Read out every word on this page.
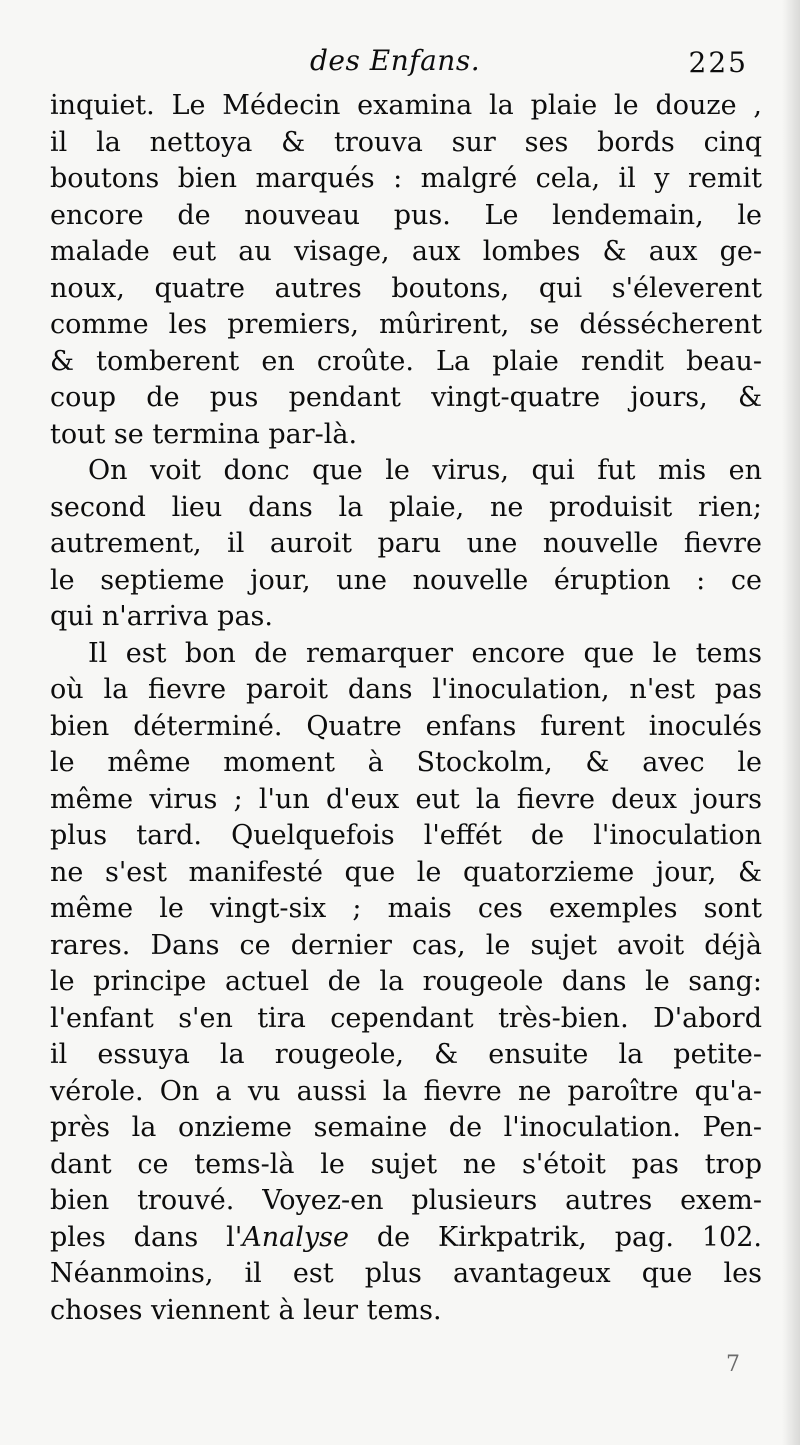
des Enfans.	225
inquiet. Le Médecin examina la plaie le douze ,
il la nettoya & trouva sur ses bords cinq
boutons bien marqués : malgré cela, il y remit
encore de nouveau pus. Le lendemain, le
malade eut au visage, aux lombes & aux ge-
noux, quatre autres boutons, qui s'éleverent
comme les premiers, mûrirent, se déssécherent
& tomberent en croûte. La plaie rendit beau-
coup de pus pendant vingt-quatre jours, &
tout se termina par-là.
On voit donc que le virus, qui fut mis en
second lieu dans la plaie, ne produisit rien;
autrement, il auroit paru une nouvelle fievre
le septieme jour, une nouvelle éruption : ce
qui n'arriva pas.
Il est bon de remarquer encore que le tems
où la fievre paroit dans l'inoculation, n'est pas
bien déterminé. Quatre enfans furent inoculés
le même moment à Stockolm, & avec le
même virus ; l'un d'eux eut la fievre deux jours
plus tard. Quelquefois l'effét de l'inoculation
ne s'est manifesté que le quatorzieme jour, &
même le vingt-six ; mais ces exemples sont
rares. Dans ce dernier cas, le sujet avoit déjà
le principe actuel de la rougeole dans le sang:
l'enfant s'en tira cependant très-bien. D'abord
il essuya la rougeole, & ensuite la petite-
vérole. On a vu aussi la fievre ne paroître qu'a-
près la onzieme semaine de l'inoculation. Pen-
dant ce tems-là le sujet ne s'étoit pas trop
bien trouvé. Voyez-en plusieurs autres exem-
ples dans l'Analyse de Kirkpatrik, pag. 102.
Néanmoins, il est plus avantageux que les
choses viennent à leur tems.
7
